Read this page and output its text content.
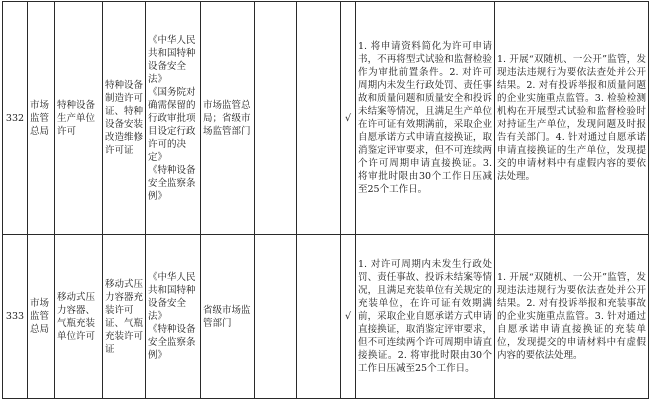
332	市场监管总局	特种设备生产单位许可	特种设备制造许可证、特种设备安装改造维修许可证	《中华人民共和国特种设备安全法》
《国务院对确需保留的行政审批项目设定行政许可的决定》
《特种设备安全监察条例》	市场监管总局；省级市场监管部门			√	1. 将申请资料简化为许可申请书，不再将型式试验和监督检验作为审批前置条件。2. 对许可周期内未发生行政处罚、责任事故和质量问题和质量安全和投诉未结案等情况，且满足生产单位在许可证有效期满前，采取企业自愿承诺方式申请直接换证，取消鉴定评审要求，但不可连续两个许可周期申请直接换证。3. 将审批时限由30个工作日压减至25个工作日。	1. 开展“双随机、一公开”监管，发现违法违规行为要依法查处并公开结果。2. 对有投诉举报和质量问题的企业实施重点监管。3. 检验检测机构在开展型式试验和监督检验时对持证生产单位，发现问题及时报告有关部门。4. 针对通过自愿承诺申请直接换证的生产单位，发现提交的申请材料中有虚假内容的要依法处理。
333	市场监管总局	移动式压力容器、气瓶充装单位许可	移动式压力容器充装许可证、气瓶充装许可证	《中华人民共和国特种设备安全法》
《特种设备安全监察条例》	省级市场监管部门			√	1. 对许可周期内未发生行政处罚、责任事故、投诉未结案等情况，且满足充装单位有关规定的充装单位，在许可证有效期满前，采取企业自愿承诺方式申请直接换证，取消鉴定评审要求，但不可连续两个许可周期申请直接换证。2. 将审批时限由30个工作日压减至25个工作日。	1. 开展“双随机、一公开”监管，发现违法违规行为要依法查处并公开结果。2. 对有投诉举报和充装事故的企业实施重点监管。3. 针对通过自愿承诺申请直接换证的充装单位，发现提交的申请材料中有虚假内容的要依法处理。
